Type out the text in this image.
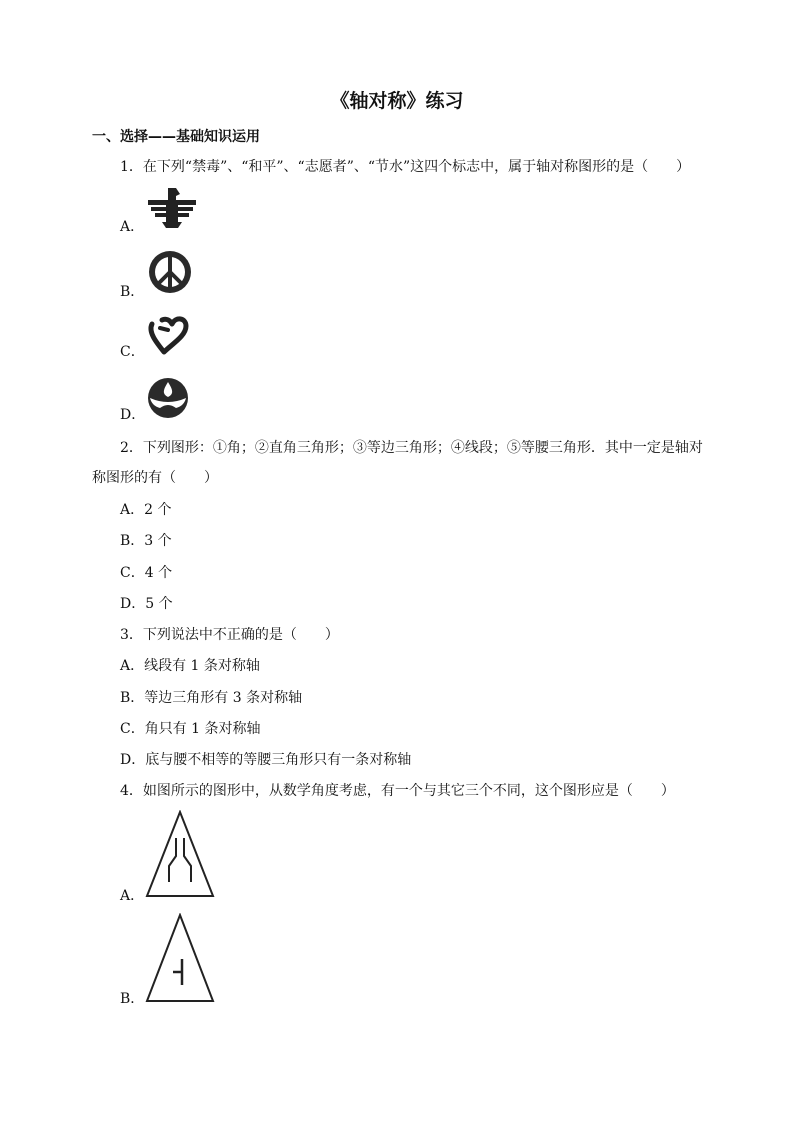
《轴对称》练习
一、选择——基础知识运用
1．在下列“禁毒”、“和平”、“志愿者”、“节水”这四个标志中，属于轴对称图形的是（　　）
A．
B．
C．
D．
2．下列图形：①角；②直角三角形；③等边三角形；④线段；⑤等腰三角形．其中一定是轴对
称图形的有（　　）
A．2 个
B．3 个
C．4 个
D．5 个
3．下列说法中不正确的是（　　）
A．线段有 1 条对称轴
B．等边三角形有 3 条对称轴
C．角只有 1 条对称轴
D．底与腰不相等的等腰三角形只有一条对称轴
4．如图所示的图形中，从数学角度考虑，有一个与其它三个不同，这个图形应是（　　）
A．
B．
